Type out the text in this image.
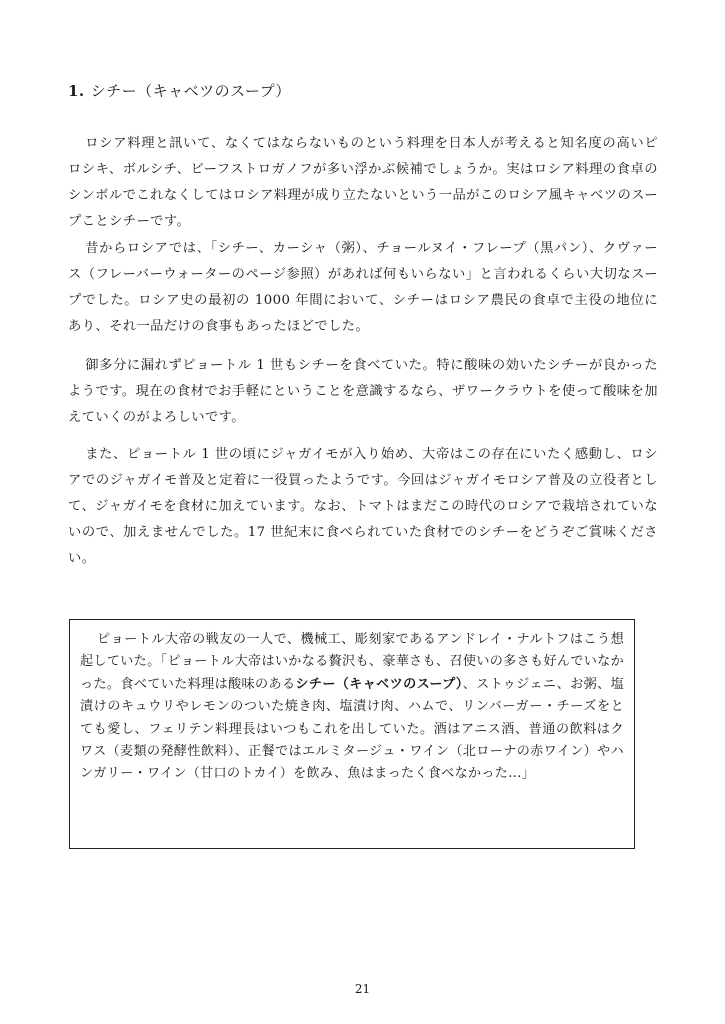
1. シチー（キャベツのスープ）

ロシア料理と訊いて、なくてはならないものという料理を日本人が考えると知名度の高いピロシキ、ボルシチ、ビーフストロガノフが多い浮かぶ候補でしょうか。実はロシア料理の食卓のシンボルでこれなくしてはロシア料理が成り立たないという一品がこのロシア風キャベツのスープことシチーです。

昔からロシアでは、「シチー、カーシャ（粥）、チョールヌイ・フレープ（黒パン）、クヴァース（フレーバーウォーターのページ参照）があれば何もいらない」と言われるくらい大切なスープでした。ロシア史の最初の 1000 年間において、シチーはロシア農民の食卓で主役の地位にあり、それ一品だけの食事もあったほどでした。

御多分に漏れずピョートル 1 世もシチーを食べていた。特に酸味の効いたシチーが良かったようです。現在の食材でお手軽にということを意識するなら、ザワークラウトを使って酸味を加えていくのがよろしいです。

また、ピョートル 1 世の頃にジャガイモが入り始め、大帝はこの存在にいたく感動し、ロシアでのジャガイモ普及と定着に一役買ったようです。今回はジャガイモロシア普及の立役者として、ジャガイモを食材に加えています。なお、トマトはまだこの時代のロシアで栽培されていないので、加えませんでした。17 世紀末に食べられていた食材でのシチーをどうぞご賞味ください。

ピョートル大帝の戦友の一人で、機械工、彫刻家であるアンドレイ・ナルトフはこう想起していた。「ピョートル大帝はいかなる贅沢も、豪華さも、召使いの多さも好んでいなかった。食べていた料理は酸味のあるシチー（キャベツのスープ）、ストゥジェニ、お粥、塩漬けのキュウリやレモンのついた焼き肉、塩漬け肉、ハムで、リンバーガー・チーズをとても愛し、フェリテン料理長はいつもこれを出していた。酒はアニス酒、普通の飲料はクワス（麦類の発酵性飲料）、正餐ではエルミタージュ・ワイン（北ローナの赤ワイン）やハンガリー・ワイン（甘口のトカイ）を飲み、魚はまったく食べなかった...」

21
